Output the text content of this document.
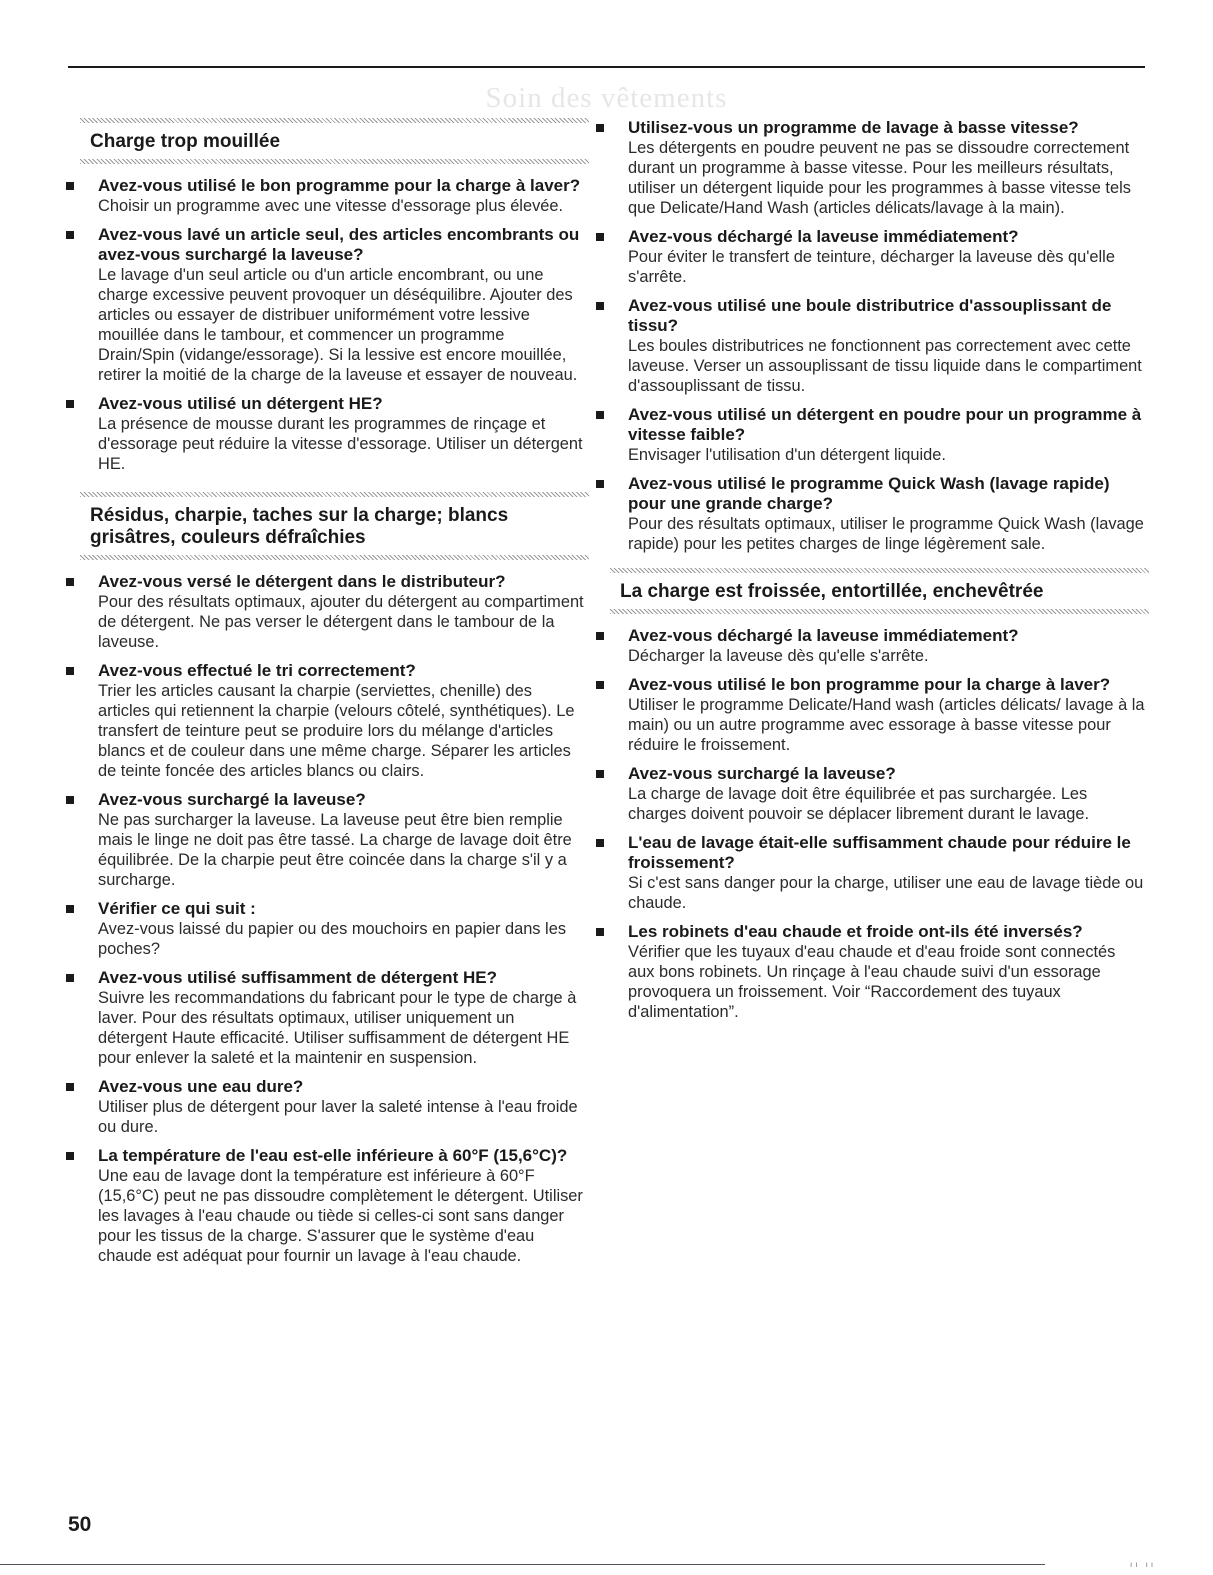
Soin des vêtements
Charge trop mouillée
Avez-vous utilisé le bon programme pour la charge à laver?
Choisir un programme avec une vitesse d'essorage plus élevée.
Avez-vous lavé un article seul, des articles encombrants ou avez-vous surchargé la laveuse?
Le lavage d'un seul article ou d'un article encombrant, ou une charge excessive peuvent provoquer un déséquilibre. Ajouter des articles ou essayer de distribuer uniformément votre lessive mouillée dans le tambour, et commencer un programme Drain/Spin (vidange/essorage). Si la lessive est encore mouillée, retirer la moitié de la charge de la laveuse et essayer de nouveau.
Avez-vous utilisé un détergent HE?
La présence de mousse durant les programmes de rinçage et d'essorage peut réduire la vitesse d'essorage. Utiliser un détergent HE.
Résidus, charpie, taches sur la charge; blancs grisâtres, couleurs défraîchies
Avez-vous versé le détergent dans le distributeur?
Pour des résultats optimaux, ajouter du détergent au compartiment de détergent. Ne pas verser le détergent dans le tambour de la laveuse.
Avez-vous effectué le tri correctement?
Trier les articles causant la charpie (serviettes, chenille) des articles qui retiennent la charpie (velours côtelé, synthétiques). Le transfert de teinture peut se produire lors du mélange d'articles blancs et de couleur dans une même charge. Séparer les articles de teinte foncée des articles blancs ou clairs.
Avez-vous surchargé la laveuse?
Ne pas surcharger la laveuse. La laveuse peut être bien remplie mais le linge ne doit pas être tassé. La charge de lavage doit être équilibrée. De la charpie peut être coincée dans la charge s'il y a surcharge.
Vérifier ce qui suit :
Avez-vous laissé du papier ou des mouchoirs en papier dans les poches?
Avez-vous utilisé suffisamment de détergent HE?
Suivre les recommandations du fabricant pour le type de charge à laver. Pour des résultats optimaux, utiliser uniquement un détergent Haute efficacité. Utiliser suffisamment de détergent HE pour enlever la saleté et la maintenir en suspension.
Avez-vous une eau dure?
Utiliser plus de détergent pour laver la saleté intense à l'eau froide ou dure.
La température de l'eau est-elle inférieure à 60°F (15,6°C)?
Une eau de lavage dont la température est inférieure à 60°F (15,6°C) peut ne pas dissoudre complètement le détergent. Utiliser les lavages à l'eau chaude ou tiède si celles-ci sont sans danger pour les tissus de la charge. S'assurer que le système d'eau chaude est adéquat pour fournir un lavage à l'eau chaude.
Utilisez-vous un programme de lavage à basse vitesse?
Les détergents en poudre peuvent ne pas se dissoudre correctement durant un programme à basse vitesse. Pour les meilleurs résultats, utiliser un détergent liquide pour les programmes à basse vitesse tels que Delicate/Hand Wash (articles délicats/lavage à la main).
Avez-vous déchargé la laveuse immédiatement?
Pour éviter le transfert de teinture, décharger la laveuse dès qu'elle s'arrête.
Avez-vous utilisé une boule distributrice d'assouplissant de tissu?
Les boules distributrices ne fonctionnent pas correctement avec cette laveuse. Verser un assouplissant de tissu liquide dans le compartiment d'assouplissant de tissu.
Avez-vous utilisé un détergent en poudre pour un programme à vitesse faible?
Envisager l'utilisation d'un détergent liquide.
Avez-vous utilisé le programme Quick Wash (lavage rapide) pour une grande charge?
Pour des résultats optimaux, utiliser le programme Quick Wash (lavage rapide) pour les petites charges de linge légèrement sale.
La charge est froissée, entortillée, enchevêtrée
Avez-vous déchargé la laveuse immédiatement?
Décharger la laveuse dès qu'elle s'arrête.
Avez-vous utilisé le bon programme pour la charge à laver?
Utiliser le programme Delicate/Hand wash (articles délicats/ lavage à la main) ou un autre programme avec essorage à basse vitesse pour réduire le froissement.
Avez-vous surchargé la laveuse?
La charge de lavage doit être équilibrée et pas surchargée. Les charges doivent pouvoir se déplacer librement durant le lavage.
L'eau de lavage était-elle suffisamment chaude pour réduire le froissement?
Si c'est sans danger pour la charge, utiliser une eau de lavage tiède ou chaude.
Les robinets d'eau chaude et froide ont-ils été inversés?
Vérifier que les tuyaux d'eau chaude et d'eau froide sont connectés aux bons robinets. Un rinçage à l'eau chaude suivi d'un essorage provoquera un froissement. Voir “Raccordement des tuyaux d'alimentation”.
50
ıı ıı
